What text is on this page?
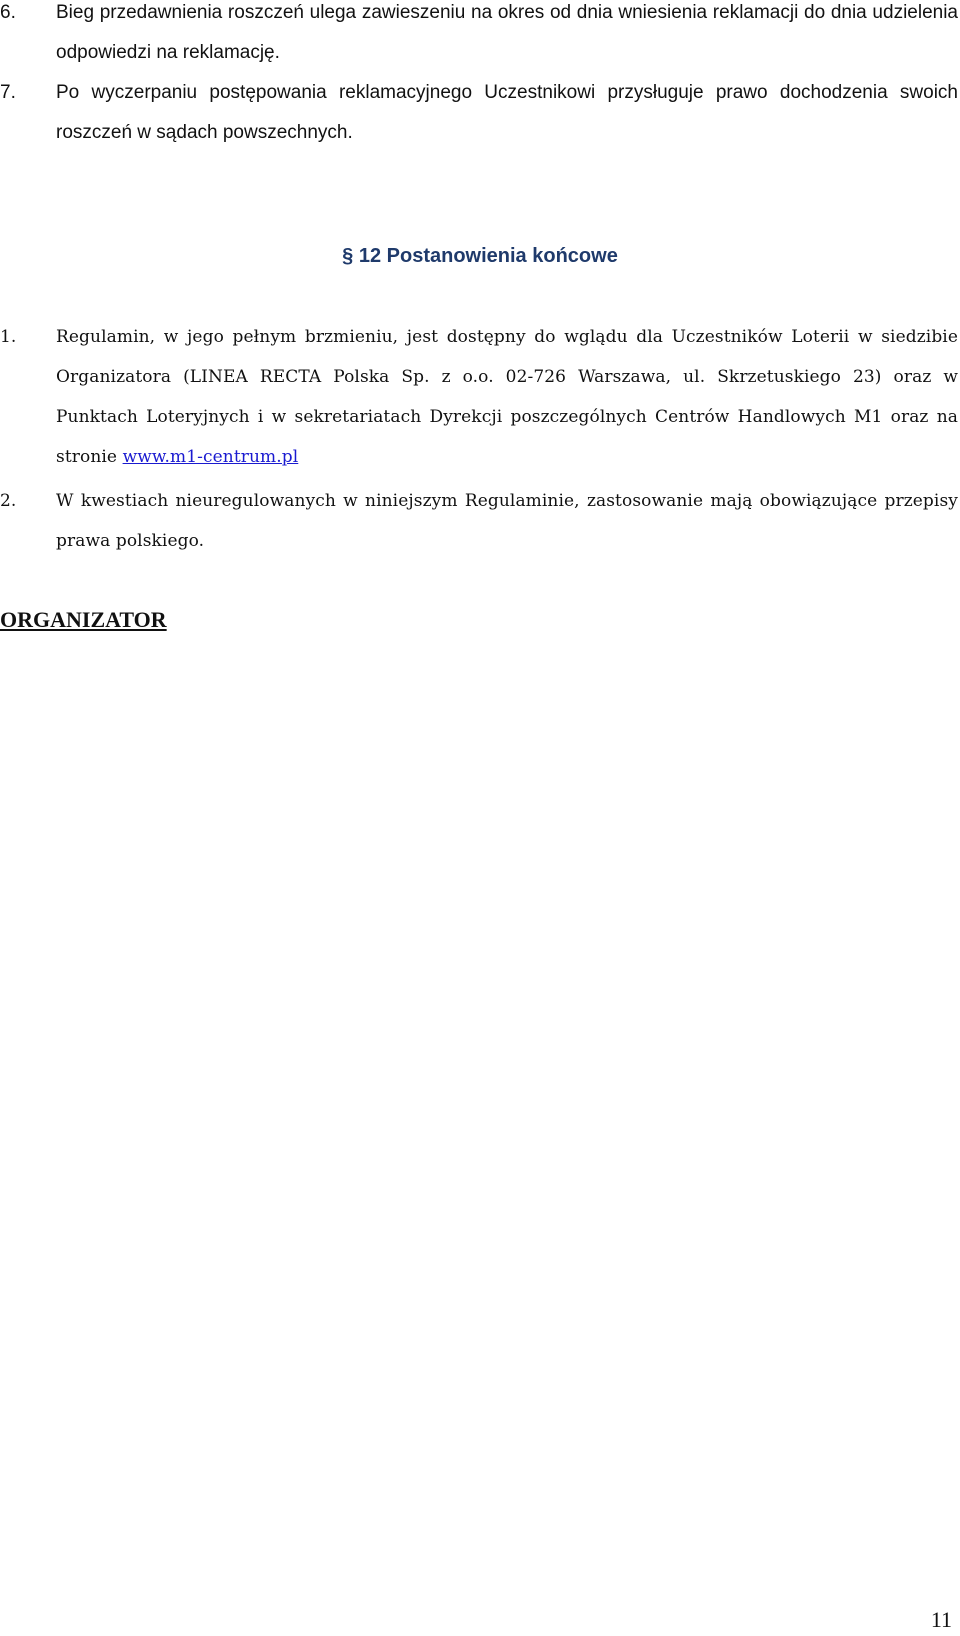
6. Bieg przedawnienia roszczeń ulega zawieszeniu na okres od dnia wniesienia reklamacji do dnia udzielenia odpowiedzi na reklamację.
7. Po wyczerpaniu postępowania reklamacyjnego Uczestnikowi przysługuje prawo dochodzenia swoich roszczeń w sądach powszechnych.
§ 12 Postanowienia końcowe
1. Regulamin, w jego pełnym brzmieniu, jest dostępny do wglądu dla Uczestników Loterii w siedzibie Organizatora (LINEA RECTA Polska Sp. z o.o. 02-726 Warszawa, ul. Skrzetuskiego 23) oraz w Punktach Loteryjnych i w sekretariatach Dyrekcji poszczególnych Centrów Handlowych M1 oraz na stronie www.m1-centrum.pl
2. W kwestiach nieuregulowanych w niniejszym Regulaminie, zastosowanie mają obowiązujące przepisy prawa polskiego.
ORGANIZATOR
11
